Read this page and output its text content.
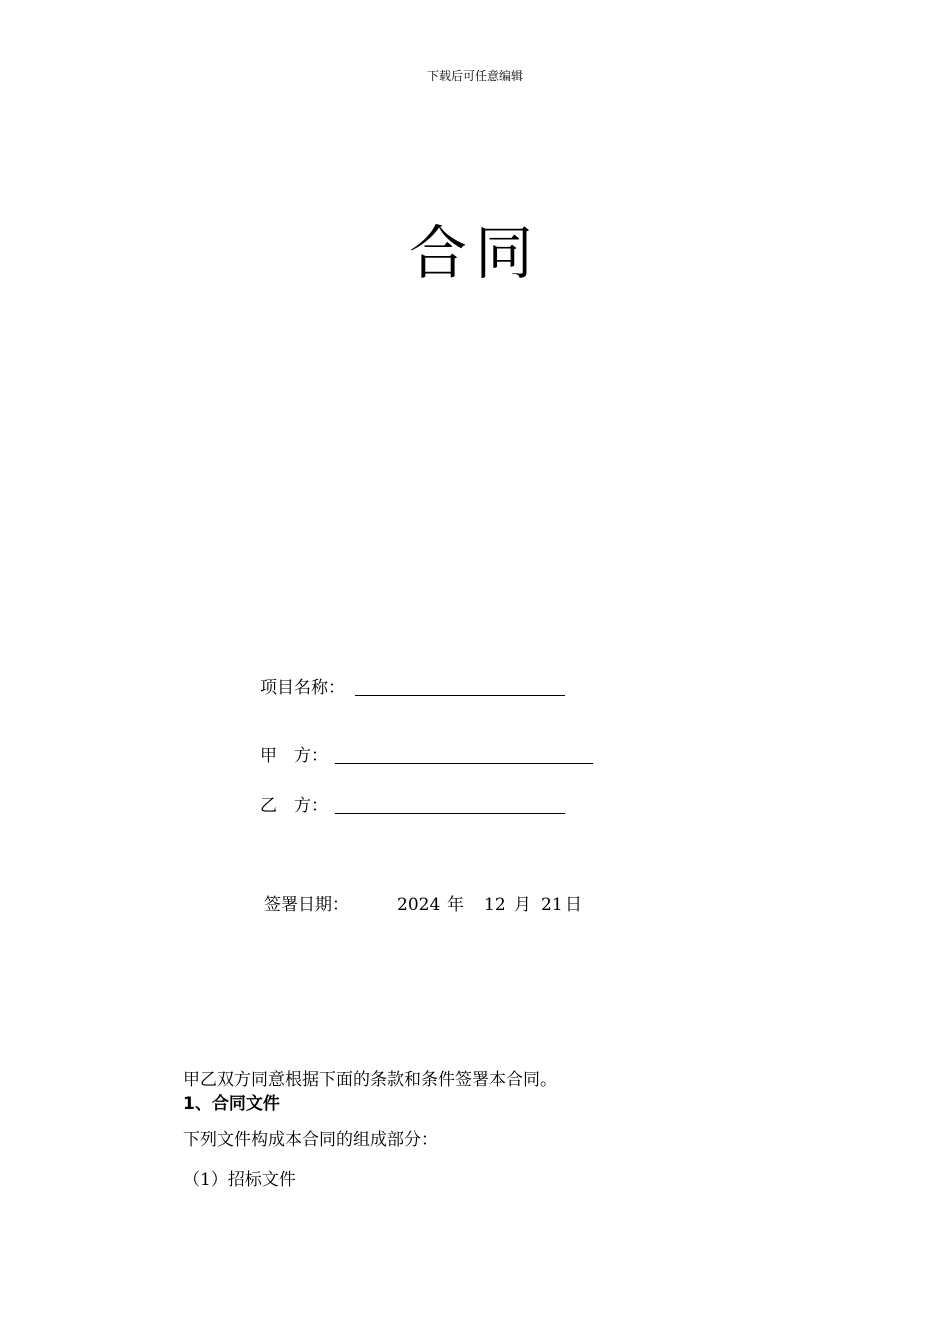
下载后可任意编辑
合同
项目名称：
甲　方：
乙　方：
签署日期：	2024 年 12 月 21 日
甲乙双方同意根据下面的条款和条件签署本合同。
1、合同文件
下列文件构成本合同的组成部分：
（1）招标文件
